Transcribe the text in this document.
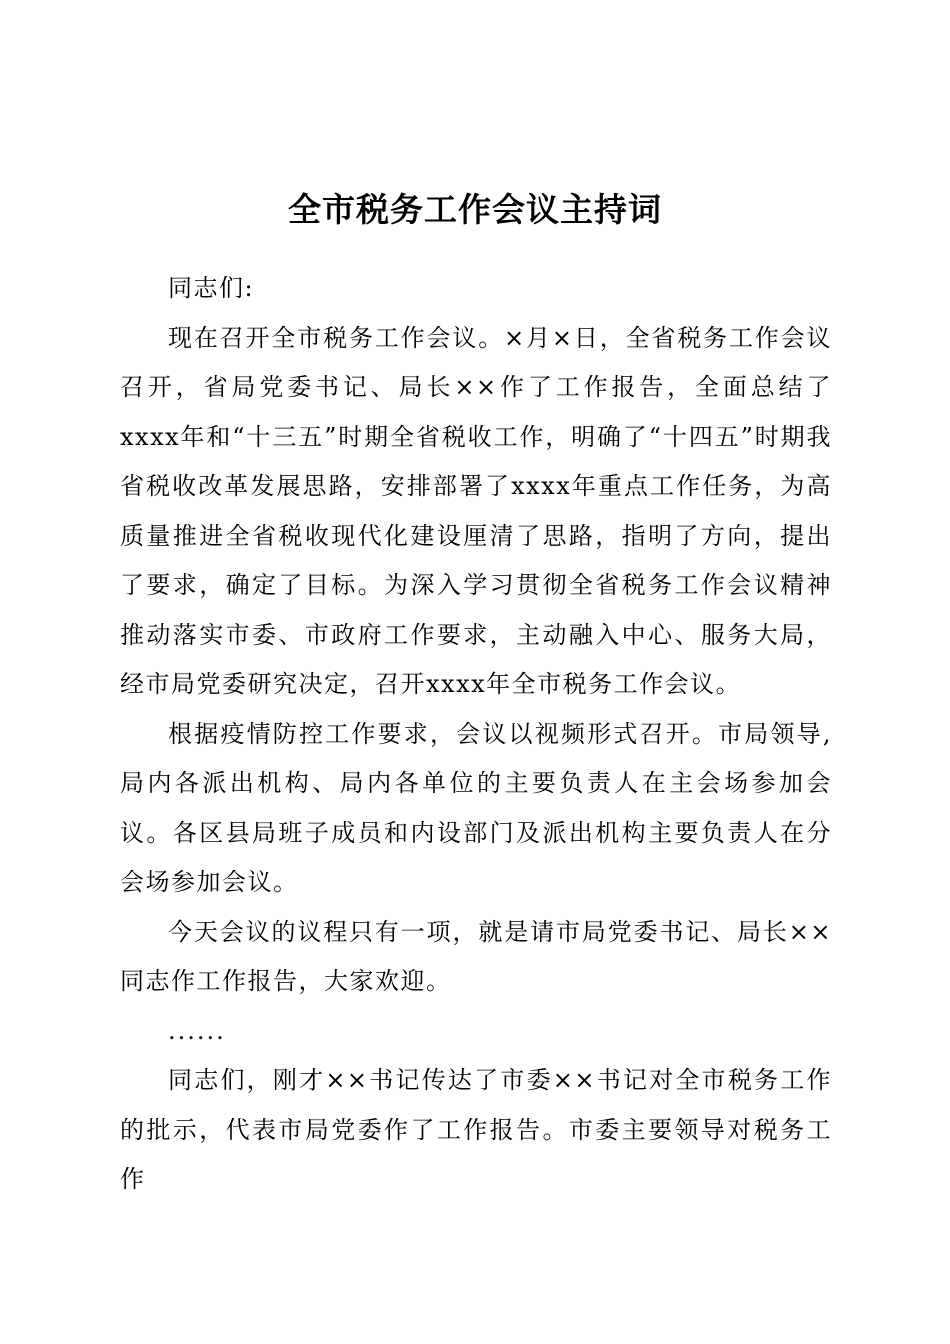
全市税务工作会议主持词

同志们:

现在召开全市税务工作会议。×月×日，全省税务工作会议召开，省局党委书记、局长××作了工作报告，全面总结了xxxx年和“十三五”时期全省税收工作，明确了“十四五”时期我省税收改革发展思路，安排部署了xxxx年重点工作任务，为高质量推进全省税收现代化建设厘清了思路，指明了方向，提出了要求，确定了目标。为深入学习贯彻全省税务工作会议精神推动落实市委、市政府工作要求，主动融入中心、服务大局，经市局党委研究决定，召开xxxx年全市税务工作会议。

根据疫情防控工作要求，会议以视频形式召开。市局领导,局内各派出机构、局内各单位的主要负责人在主会场参加会议。各区县局班子成员和内设部门及派出机构主要负责人在分会场参加会议。

今天会议的议程只有一项，就是请市局党委书记、局长××同志作工作报告，大家欢迎。

......

同志们，刚才××书记传达了市委××书记对全市税务工作的批示，代表市局党委作了工作报告。市委主要领导对税务工作
